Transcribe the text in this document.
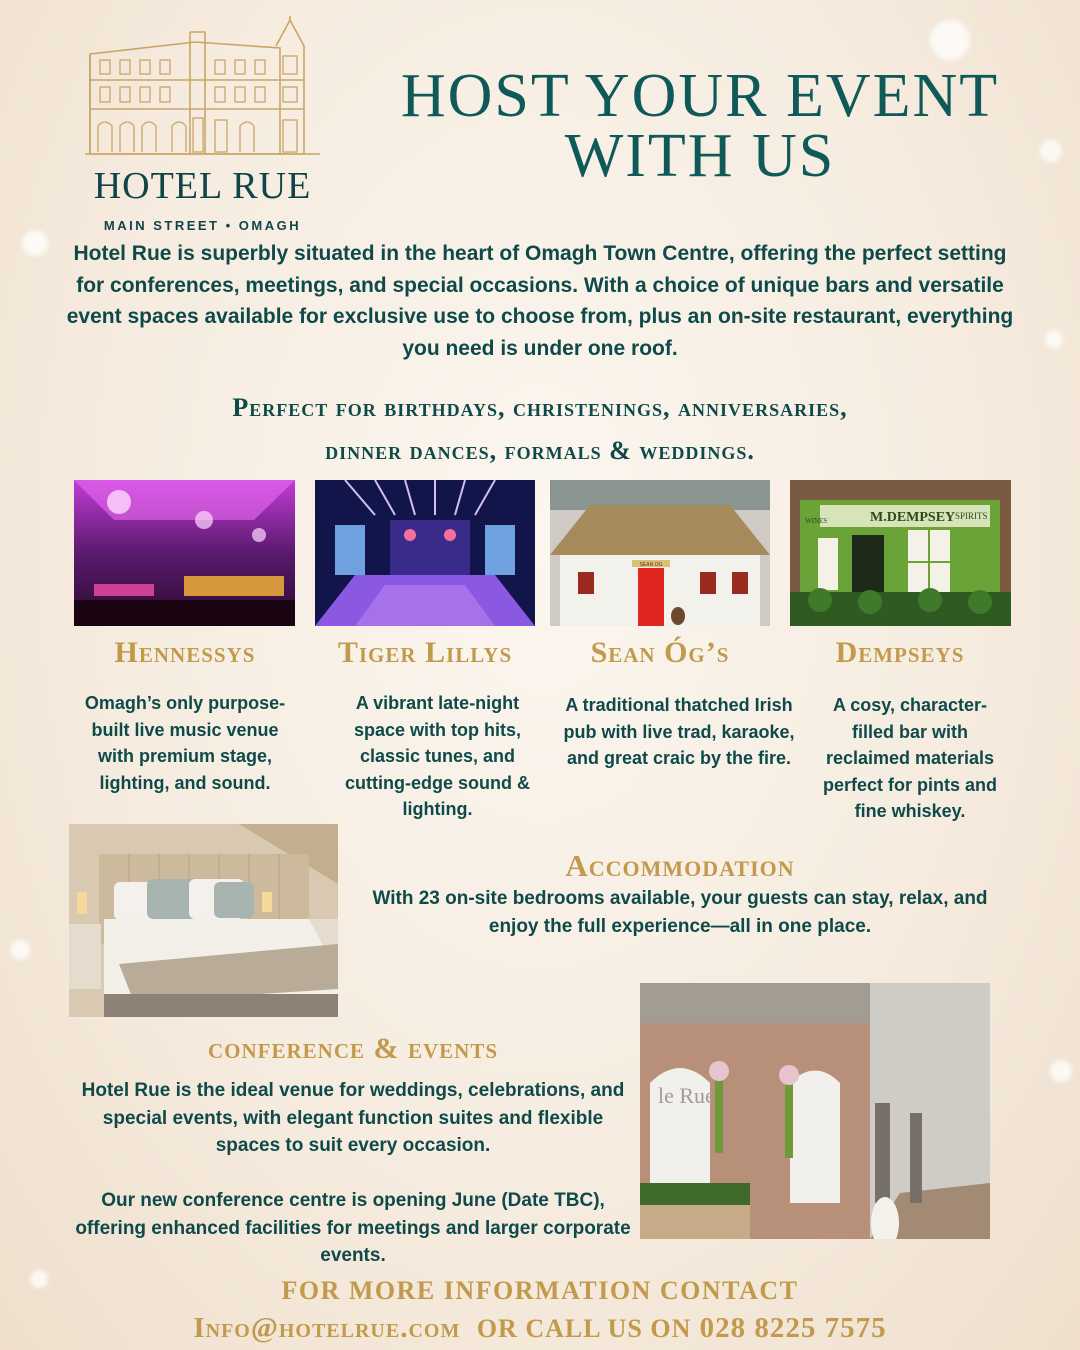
HOTEL RUE
MAIN STREET • OMAGH
HOST YOUR EVENT
WITH US
Hotel Rue is superbly situated in the heart of Omagh Town Centre, offering the perfect setting for conferences, meetings, and special occasions. With a choice of unique bars and versatile event spaces available for exclusive use to choose from, plus an on-site restaurant, everything you need is under one roof.
Perfect for birthdays, christenings, anniversaries,
dinner dances, formals & weddings.
SEAN OG
M.DEMPSEY SPIRITS
WINES
Hennessys	Tiger Lillys	Sean Óg’s	Dempseys
Omagh’s only purpose-built live music venue with premium stage, lighting, and sound.
A vibrant late-night space with top hits, classic tunes, and cutting-edge sound & lighting.
A traditional thatched Irish pub with live trad, karaoke, and great craic by the fire.
A cosy, character-filled bar with reclaimed materials perfect for pints and fine whiskey.
Accommodation
With 23 on-site bedrooms available, your guests can stay, relax, and enjoy the full experience—all in one place.
le Rue
conference & events
Hotel Rue is the ideal venue for weddings, celebrations, and special events, with elegant function suites and flexible spaces to suit every occasion.
Our new conference centre is opening June (Date TBC), offering enhanced facilities for meetings and larger corporate events.
FOR MORE INFORMATION CONTACT
Info@hotelrue.com OR CALL US ON 028 8225 7575
